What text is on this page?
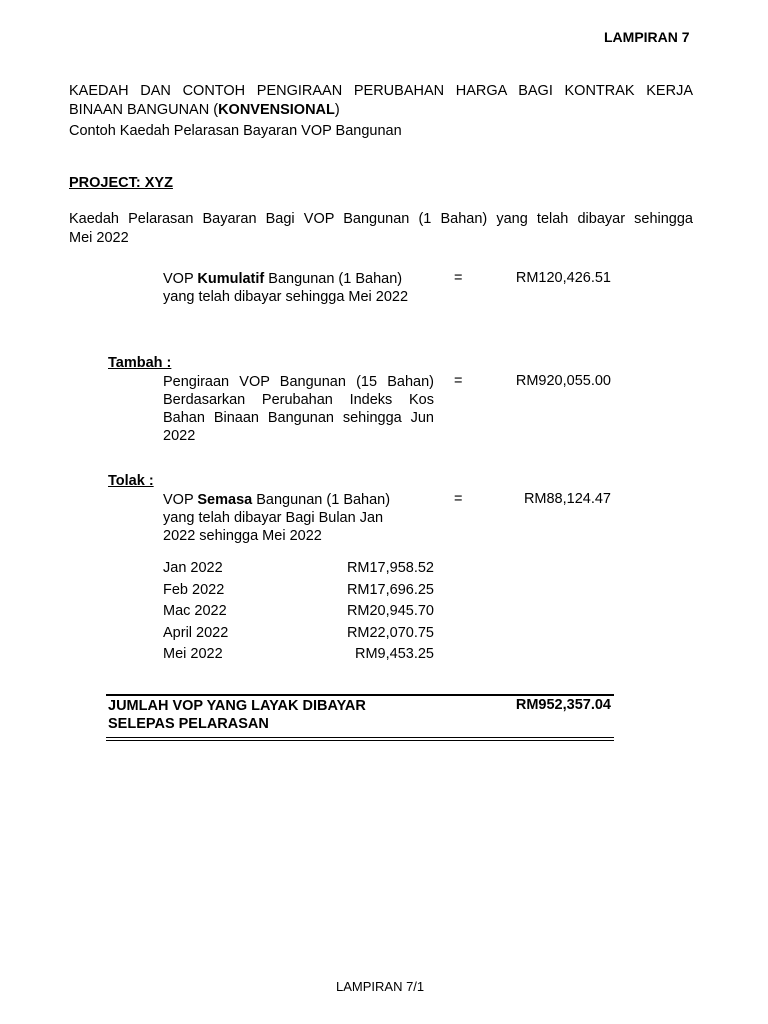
LAMPIRAN 7
KAEDAH DAN CONTOH PENGIRAAN PERUBAHAN HARGA BAGI KONTRAK KERJA
BINAAN BANGUNAN (KONVENSIONAL)
Contoh Kaedah Pelarasan Bayaran VOP Bangunan
PROJECT: XYZ
Kaedah Pelarasan Bayaran Bagi VOP Bangunan (1 Bahan) yang telah dibayar sehingga
Mei 2022
VOP Kumulatif Bangunan (1 Bahan)
yang telah dibayar sehingga Mei 2022
=	RM120,426.51
Tambah :
Pengiraan VOP Bangunan (15 Bahan)
Berdasarkan Perubahan Indeks Kos
Bahan Binaan Bangunan sehingga Jun
2022
=	RM920,055.00
Tolak :
VOP Semasa Bangunan (1 Bahan)
yang telah dibayar Bagi Bulan Jan
2022 sehingga Mei 2022
=	RM88,124.47
Jan 2022	RM17,958.52
Feb 2022	RM17,696.25
Mac 2022	RM20,945.70
April 2022	RM22,070.75
Mei 2022	RM9,453.25
JUMLAH VOP YANG LAYAK DIBAYAR
SELEPAS PELARASAN
RM952,357.04
LAMPIRAN 7/1
